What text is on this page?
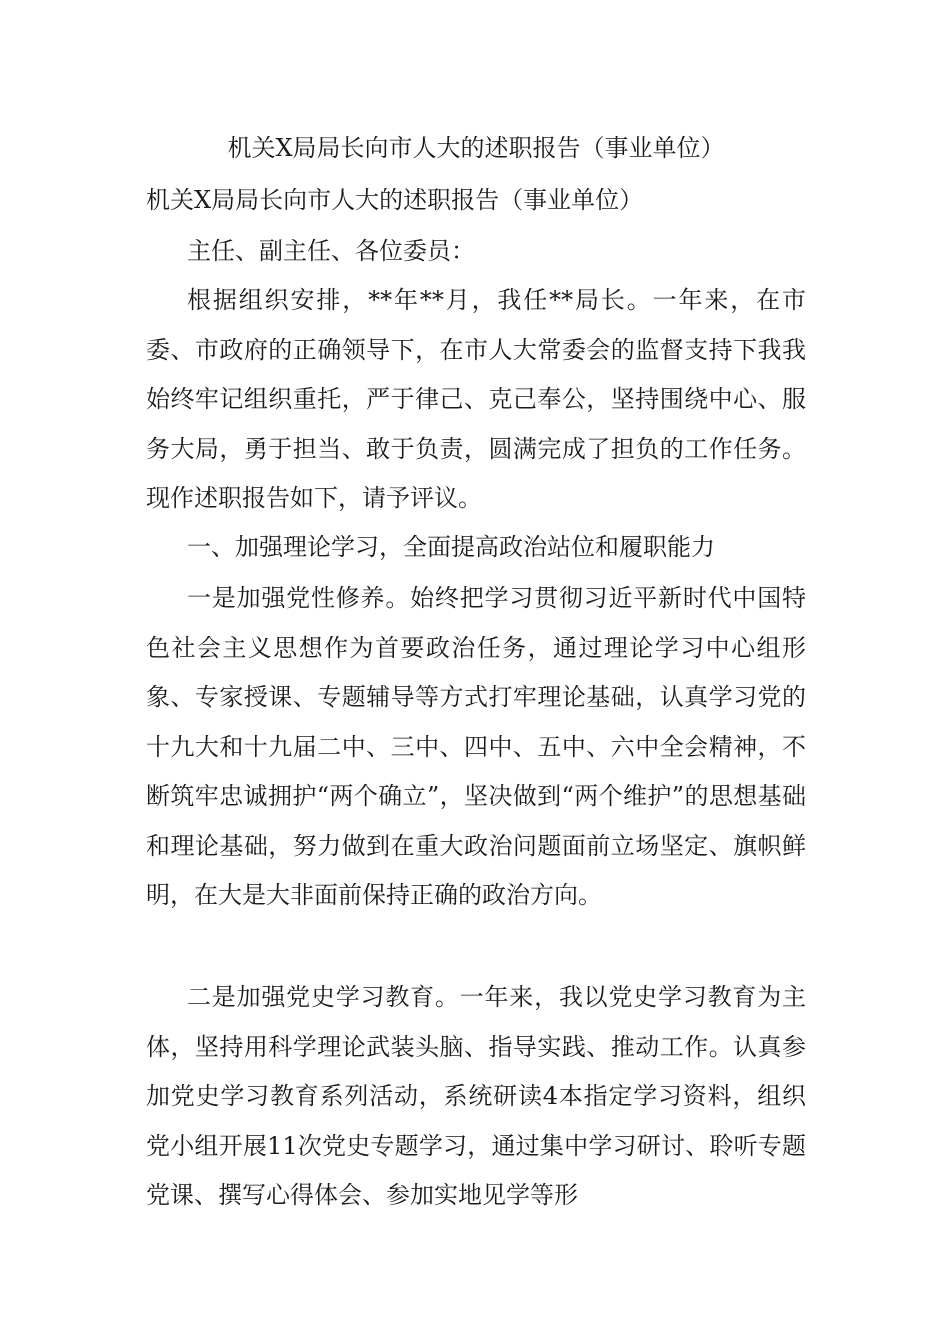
机关X局局长向市人大的述职报告（事业单位）
机关X局局长向市人大的述职报告（事业单位）
主任、副主任、各位委员：

根据组织安排，**年**月，我任**局长。一年来，在市委、市政府的正确领导下，在市人大常委会的监督支持下我我始终牢记组织重托，严于律己、克己奉公，坚持围绕中心、服务大局，勇于担当、敢于负责，圆满完成了担负的工作任务。现作述职报告如下，请予评议。

一、加强理论学习，全面提高政治站位和履职能力

一是加强党性修养。始终把学习贯彻习近平新时代中国特色社会主义思想作为首要政治任务，通过理论学习中心组形象、专家授课、专题辅导等方式打牢理论基础，认真学习党的十九大和十九届二中、三中、四中、五中、六中全会精神，不断筑牢忠诚拥护“两个确立”，坚决做到“两个维护”的思想基础和理论基础，努力做到在重大政治问题面前立场坚定、旗帜鲜明，在大是大非面前保持正确的政治方向。

二是加强党史学习教育。一年来，我以党史学习教育为主体，坚持用科学理论武装头脑、指导实践、推动工作。认真参加党史学习教育系列活动，系统研读4本指定学习资料，组织党小组开展11次党史专题学习，通过集中学习研讨、聆听专题党课、撰写心得体会、参加实地见学等形
